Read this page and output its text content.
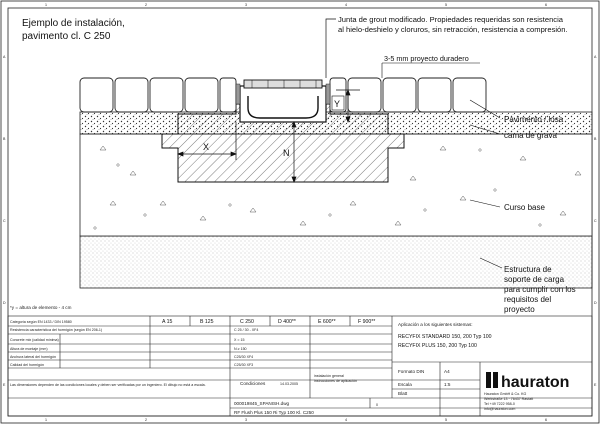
1	2	3	4	5	6
1	2	3	4	5	6
A
B
C
D
E
A
B
C
D
E
Ejemplo de instalación,
pavimento cl. C 250
Junta de grout modificado. Propiedades requeridas son resistencia
al hielo-deshielo y cloruros, sin retracción, resistencia a compresión.
3-5 mm proyecto duradero
X
N
Y
Pavimento / losa
cama de grava
Curso base
Estructura de
soporte de carga
para cumplir con los
requisitos del
proyecto
*y = altura de elemento - 4 cm
Categoría según EN 1433 / DIN 19580	A 15	B 125	C 250	D 400**	E 600**	F 900**
Resistencia característica del hormigón (según EN 206-1)	C 25 / 30 - XF4
Concrete mix (calidad mínima)	X = 15
Altura de montaje (mm)	N ≥ 150
Anchura lateral del hormigón	C25/30 XF4
Calidad del hormigón	C25/30 XF3
Aplicación a los siguientes sistemas:
RECYFIX STANDARD 150, 200 Typ 100
RECYFIX PLUS 150, 200 Typ 100
Condiciones	14.03.2005
instalación general
instrucciones de aplicación
0
Las dimensiones dependen de las condiciones locales y deben ser verificadas por un ingeniero. El dibujo no está a escala.
000019845_SPANISH.dwg
RF Flush Plus 150 Ri Typ 100 Kl. C250
Formato DIN	A4
Escala	1:5
Blatt
hauraton
Hauraton GmbH & Co. KG
Werkstraße 13 · 76437 Rastatt
Tel +49 7222 958-0
info@hauraton.com
